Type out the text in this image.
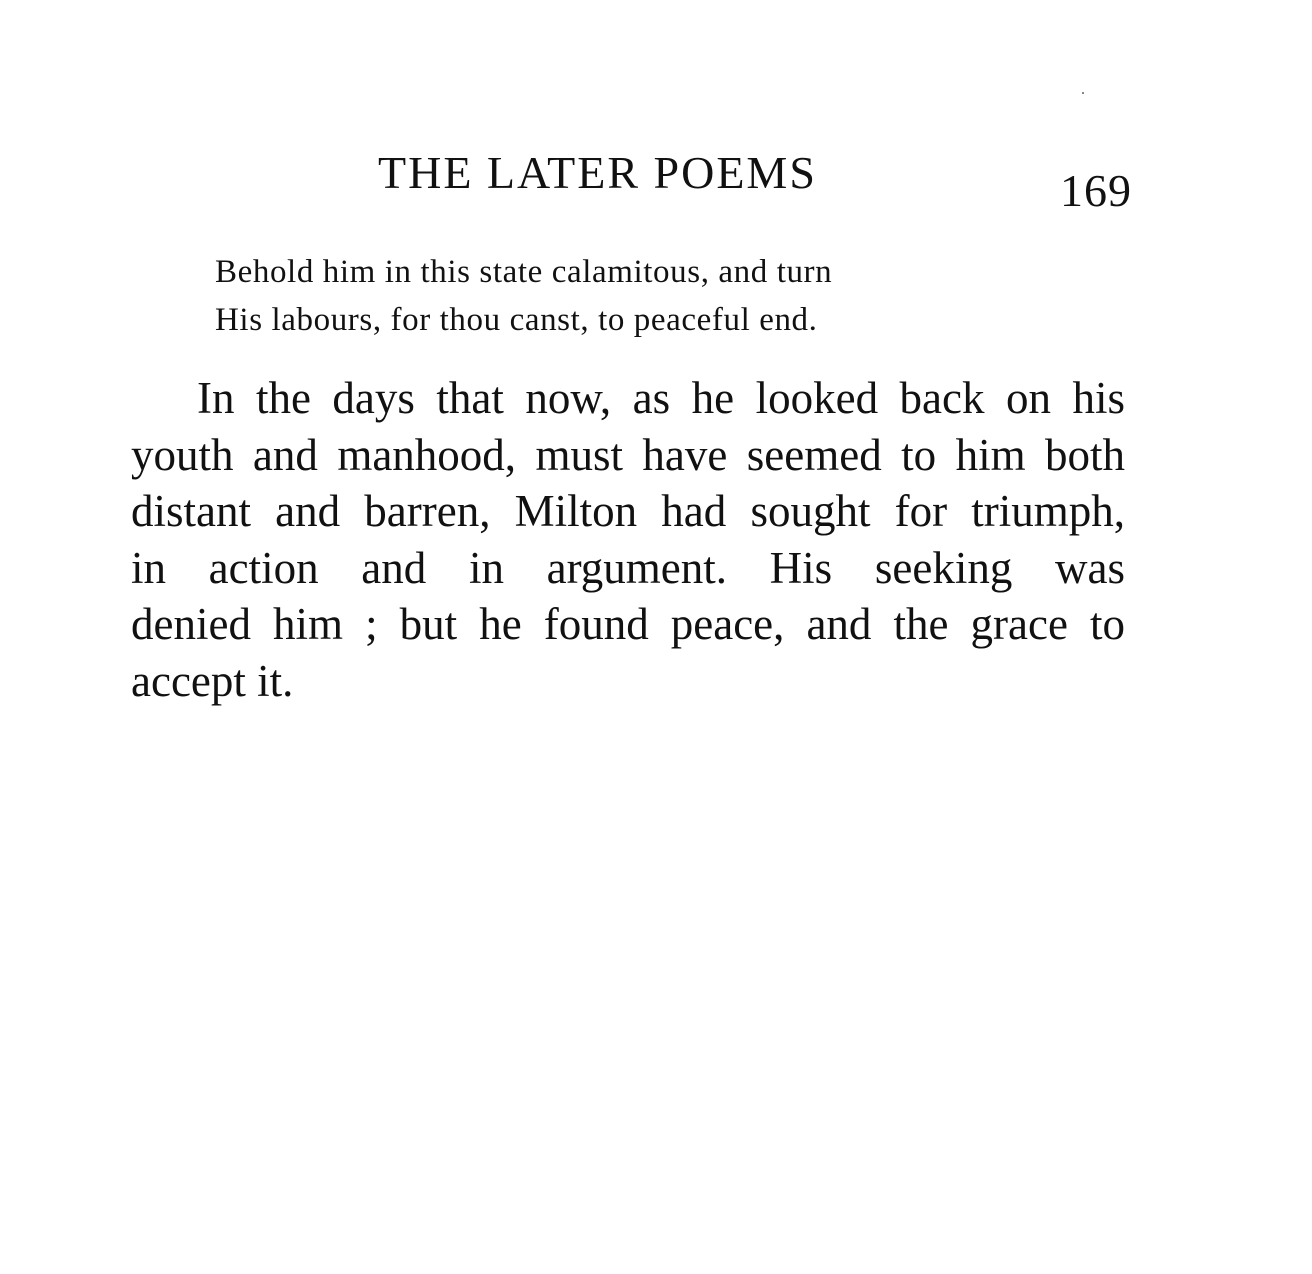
THE LATER POEMS	169
Behold him in this state calamitous, and turn
His labours, for thou canst, to peaceful end.
In the days that now, as he looked back on his
youth and manhood, must have seemed to him both
distant and barren, Milton had sought for triumph,
in action and in argument. His seeking was
denied him ; but he found peace, and the grace to
accept it.
